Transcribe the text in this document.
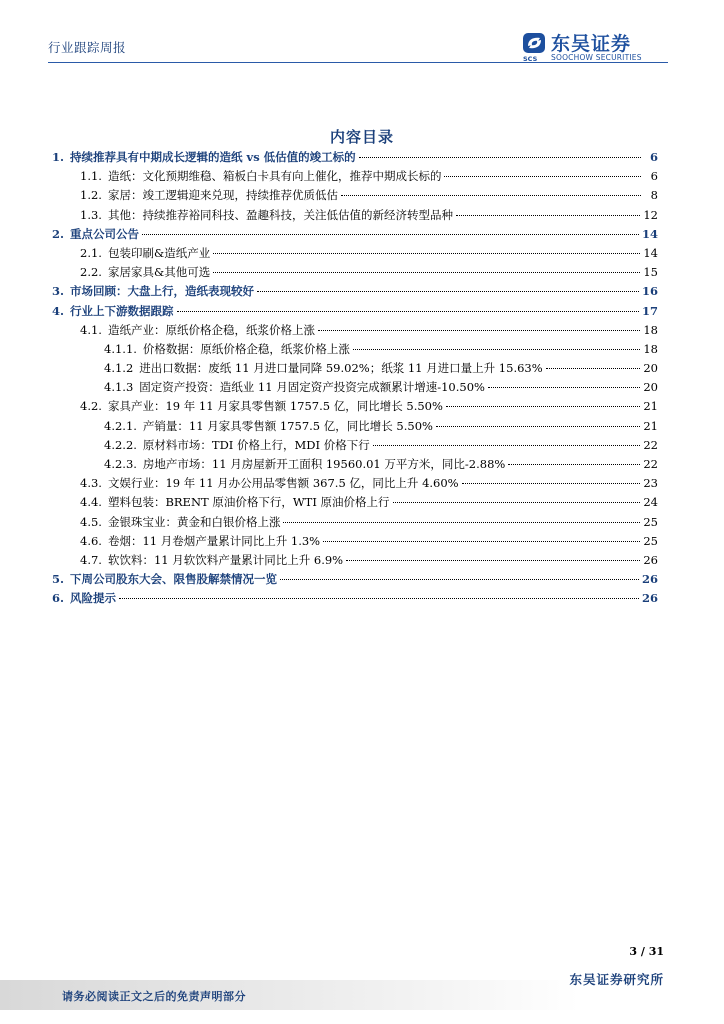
行业跟踪周报	东吴证券
SOOCHOW SECURITIES
SCS
内容目录
1. 持续推荐具有中期成长逻辑的造纸 vs 低估值的竣工标的	6
1.1. 造纸：文化预期维稳、箱板白卡具有向上催化，推荐中期成长标的	6
1.2. 家居：竣工逻辑迎来兑现，持续推荐优质低估	8
1.3. 其他：持续推荐裕同科技、盈趣科技，关注低估值的新经济转型品种	12
2. 重点公司公告	14
2.1. 包装印刷&造纸产业	14
2.2. 家居家具&其他可选	15
3. 市场回顾：大盘上行，造纸表现较好	16
4. 行业上下游数据跟踪	17
4.1. 造纸产业：原纸价格企稳，纸浆价格上涨	18
4.1.1. 价格数据：原纸价格企稳，纸浆价格上涨	18
4.1.2 进出口数据：废纸 11 月进口量同降 59.02%；纸浆 11 月进口量上升 15.63%	20
4.1.3 固定资产投资：造纸业 11 月固定资产投资完成额累计增速-10.50%	20
4.2. 家具产业：19 年 11 月家具零售额 1757.5 亿，同比增长 5.50%	21
4.2.1. 产销量：11 月家具零售额 1757.5 亿，同比增长 5.50%	21
4.2.2. 原材料市场：TDI 价格上行，MDI 价格下行	22
4.2.3. 房地产市场：11 月房屋新开工面积 19560.01 万平方米，同比-2.88%	22
4.3. 文娱行业：19 年 11 月办公用品零售额 367.5 亿，同比上升 4.60%	23
4.4. 塑料包装：BRENT 原油价格下行，WTI 原油价格上行	24
4.5. 金银珠宝业：黄金和白银价格上涨	25
4.6. 卷烟：11 月卷烟产量累计同比上升 1.3%	25
4.7. 软饮料：11 月软饮料产量累计同比上升 6.9%	26
5. 下周公司股东大会、限售股解禁情况一览	26
6. 风险提示	26
3 / 31
东吴证券研究所
请务必阅读正文之后的免责声明部分
